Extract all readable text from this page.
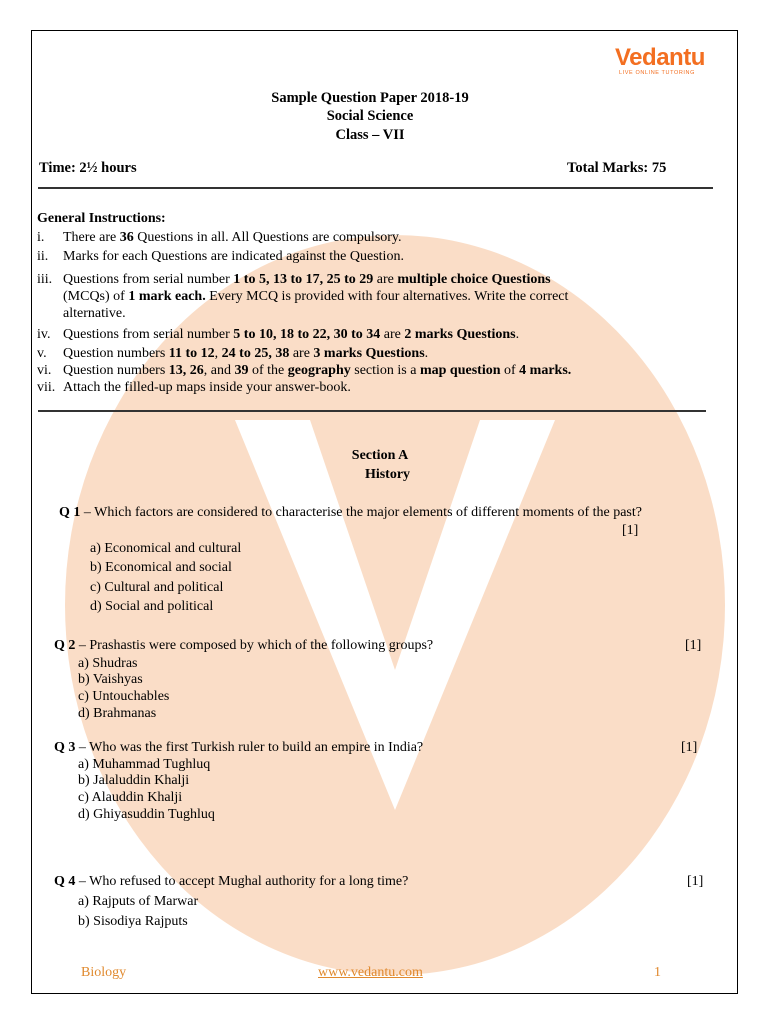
Vedantu
LIVE ONLINE TUTORING
Sample Question Paper 2018-19
Social Science
Class – VII
Time: 2½ hours	Total Marks: 75
General Instructions:
i.	There are 36 Questions in all. All Questions are compulsory.
ii.	Marks for each Questions are indicated against the Question.
iii. Questions from serial number 1 to 5, 13 to 17, 25 to 29 are multiple choice Questions
(MCQs) of 1 mark each. Every MCQ is provided with four alternatives. Write the correct
alternative.
iv. Questions from serial number 5 to 10, 18 to 22, 30 to 34 are 2 marks Questions.
v.	Question numbers 11 to 12, 24 to 25, 38 are 3 marks Questions.
vi. Question numbers 13, 26, and 39 of the geography section is a map question of 4 marks.
vii. Attach the filled-up maps inside your answer-book.
Section A
History
Q 1 – Which factors are considered to characterise the major elements of different moments of the past?
[1]
a) Economical and cultural
b) Economical and social
c) Cultural and political
d) Social and political
Q 2 – Prashastis were composed by which of the following groups?	[1]
a) Shudras
b) Vaishyas
c) Untouchables
d) Brahmanas
Q 3 – Who was the first Turkish ruler to build an empire in India?	[1]
a) Muhammad Tughluq
b) Jalaluddin Khalji
c) Alauddin Khalji
d) Ghiyasuddin Tughluq
Q 4 – Who refused to accept Mughal authority for a long time?	[1]
a) Rajputs of Marwar
b) Sisodiya Rajputs
Biology	www.vedantu.com	1
